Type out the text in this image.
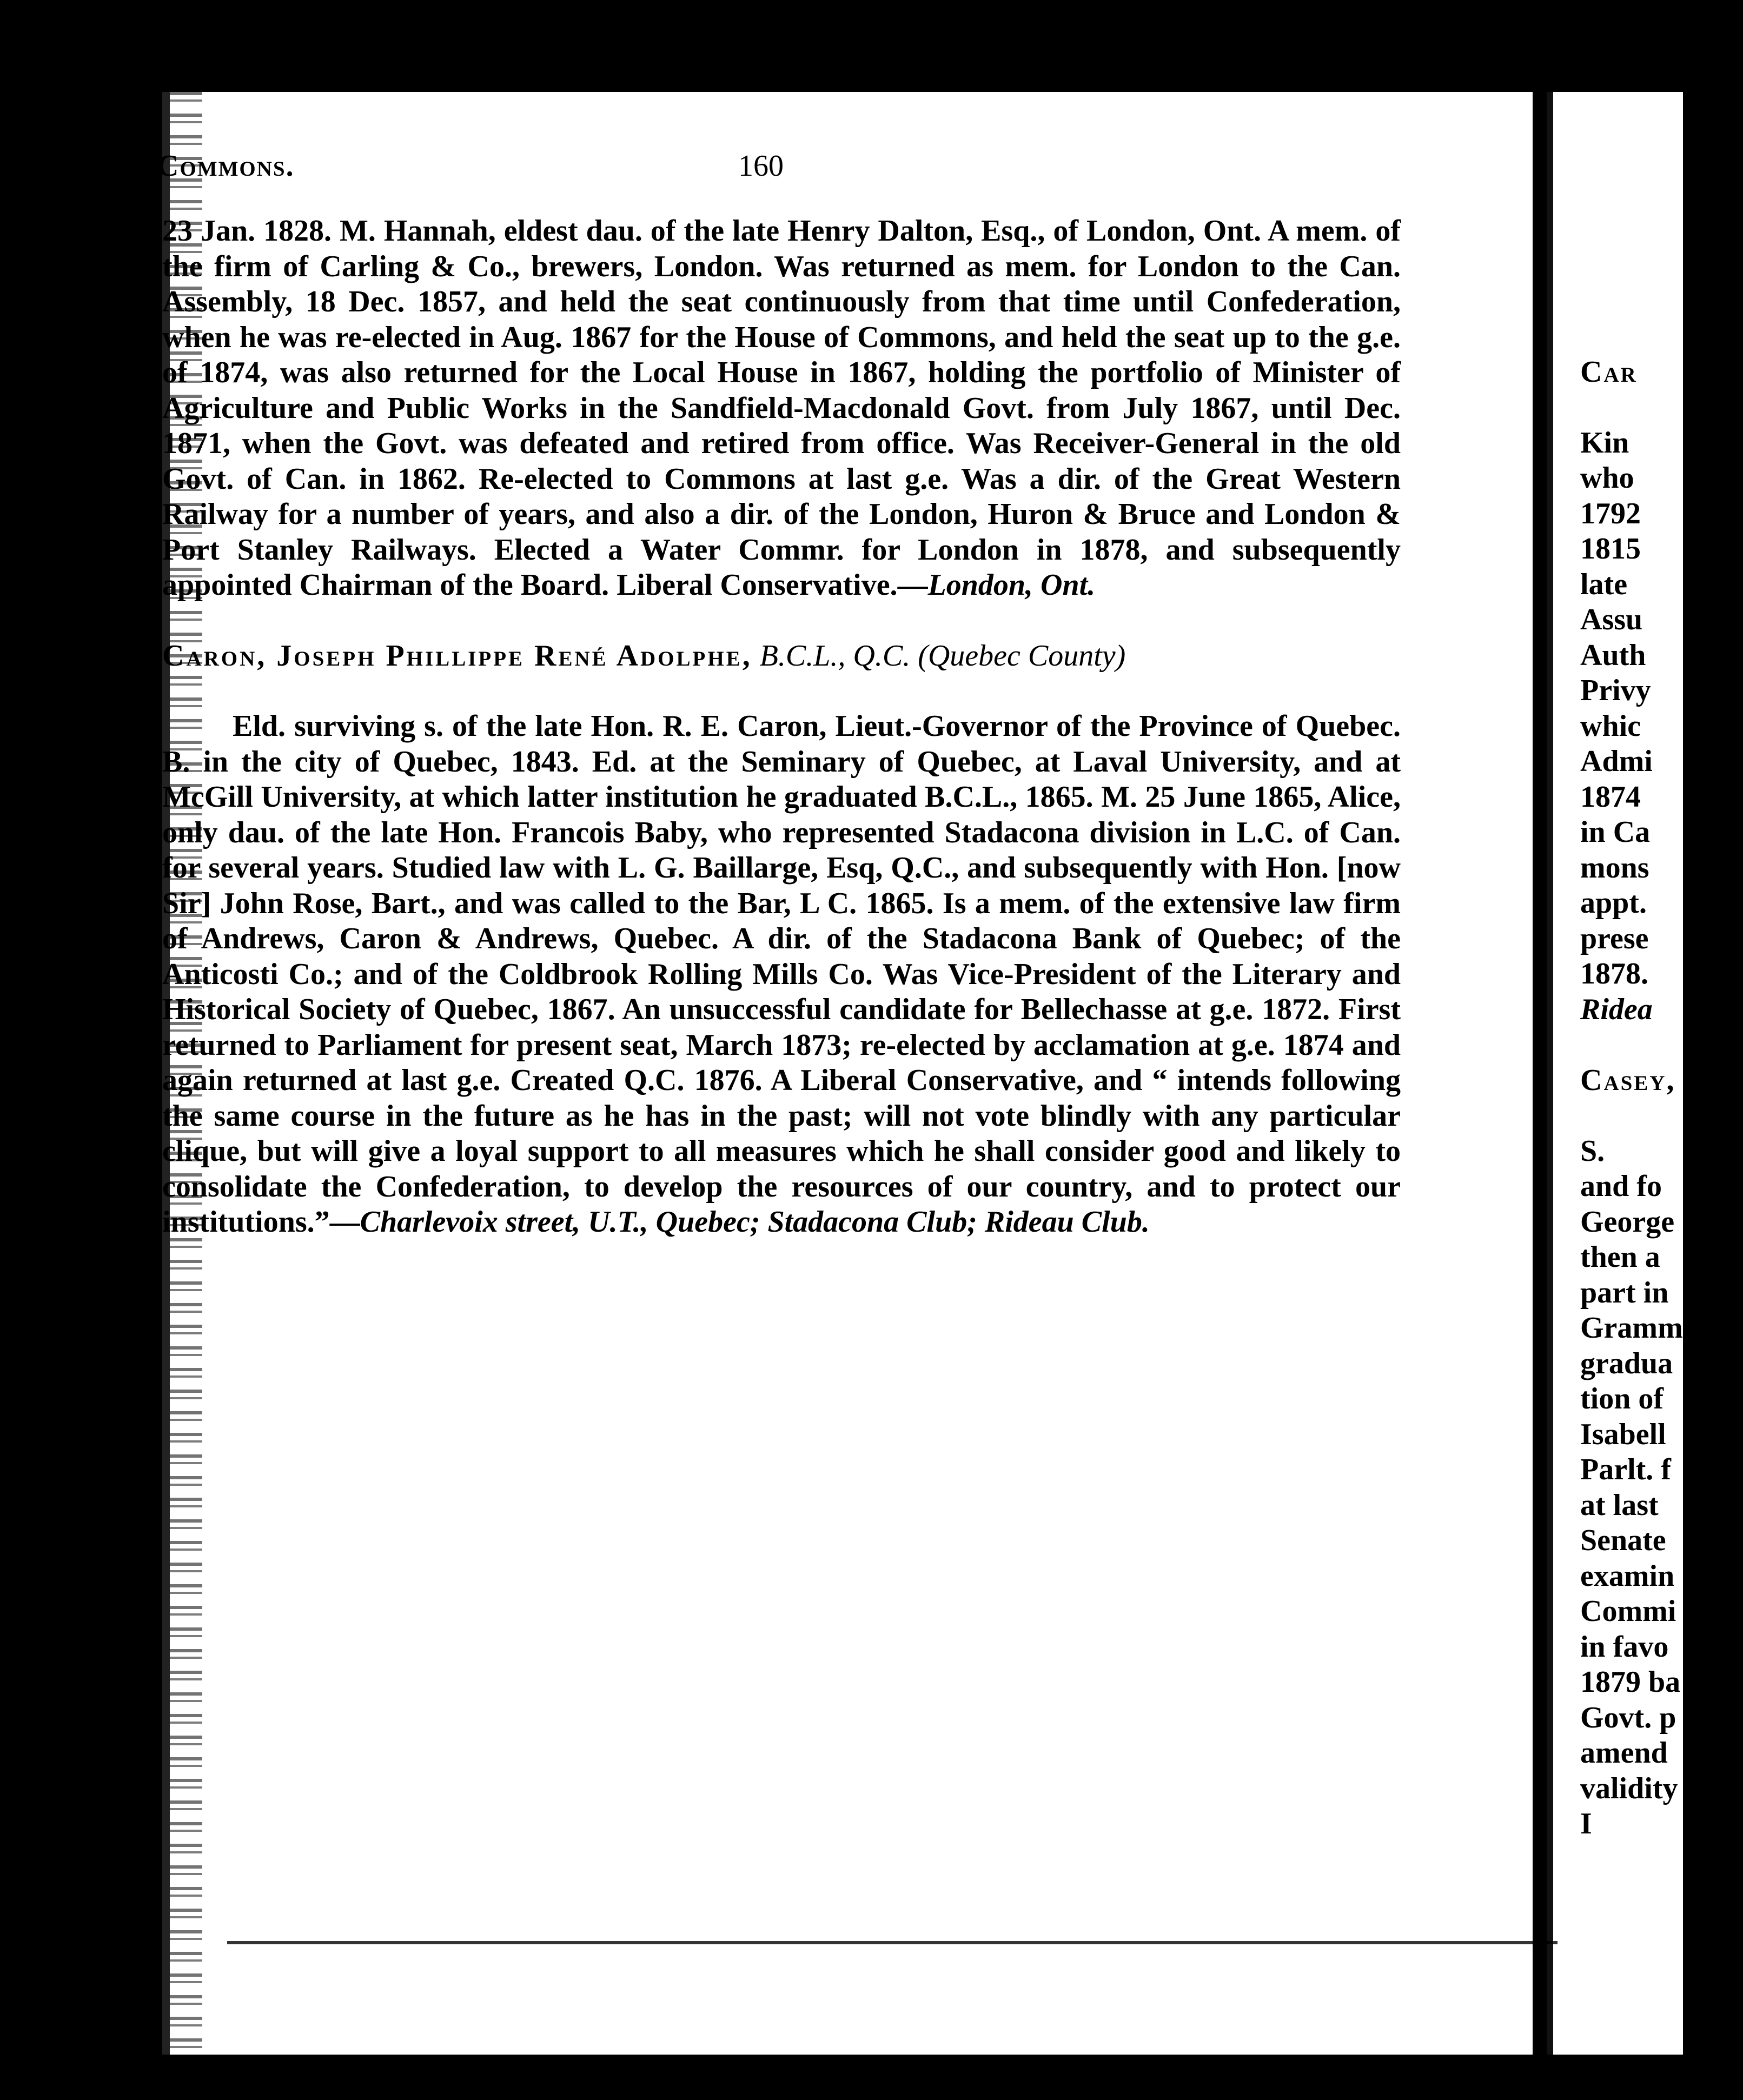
Commons.	160

23 Jan. 1828. M. Hannah, eldest dau. of the late Henry Dalton, Esq., of London, Ont. A mem. of the firm of Carling & Co., brewers, London. Was returned as mem. for London to the Can. Assembly, 18 Dec. 1857, and held the seat continuously from that time until Confederation, when he was re-elected in Aug. 1867 for the House of Commons, and held the seat up to the g.e. of 1874, was also returned for the Local House in 1867, holding the portfolio of Minister of Agriculture and Public Works in the Sandfield-Macdonald Govt. from July 1867, until Dec. 1871, when the Govt. was defeated and retired from office. Was Receiver-General in the old Govt. of Can. in 1862. Re-elected to Commons at last g.e. Was a dir. of the Great Western Railway for a number of years, and also a dir. of the London, Huron & Bruce and London & Port Stanley Railways. Elected a Water Commr. for London in 1878, and subsequently appointed Chairman of the Board. Liberal Conservative.—London, Ont.

Caron, Joseph Phillippe René Adolphe, B.C.L., Q.C. (Quebec County)

Eld. surviving s. of the late Hon. R. E. Caron, Lieut.-Governor of the Province of Quebec. B. in the city of Quebec, 1843. Ed. at the Seminary of Quebec, at Laval University, and at McGill University, at which latter institution he graduated B.C.L., 1865. M. 25 June 1865, Alice, only dau. of the late Hon. Francois Baby, who represented Stadacona division in L.C. of Can. for several years. Studied law with L. G. Baillarge, Esq, Q.C., and subsequently with Hon. [now Sir] John Rose, Bart., and was called to the Bar, L C. 1865. Is a mem. of the extensive law firm of Andrews, Caron & Andrews, Quebec. A dir. of the Stadacona Bank of Quebec; of the Anticosti Co.; and of the Coldbrook Rolling Mills Co. Was Vice-President of the Literary and Historical Society of Quebec, 1867. An unsuccessful candidate for Bellechasse at g.e. 1872. First returned to Parliament for present seat, March 1873; re-elected by acclamation at g.e. 1874 and again returned at last g.e. Created Q.C. 1876. A Liberal Conservative, and “ intends following the same course in the future as he has in the past; will not vote blindly with any particular clique, but will give a loyal support to all measures which he shall consider good and likely to consolidate the Confederation, to develop the resources of our country, and to protect our institutions.”—Charlevoix street, U.T., Quebec; Stadacona Club; Rideau Club.

Car
Kin
who
1792
1815
late
Assu
Auth
Privy
whic
Admi
1874
in Ca
mons
appt.
prese
1878.
Ridea
Casey,
S.
and fo
George
then a
part in
Gramm
gradua
tion of
Isabell
Parlt. f
at last
Senate
examin
Commi
in favo
1879 ba
Govt. p
amend
validity
I
